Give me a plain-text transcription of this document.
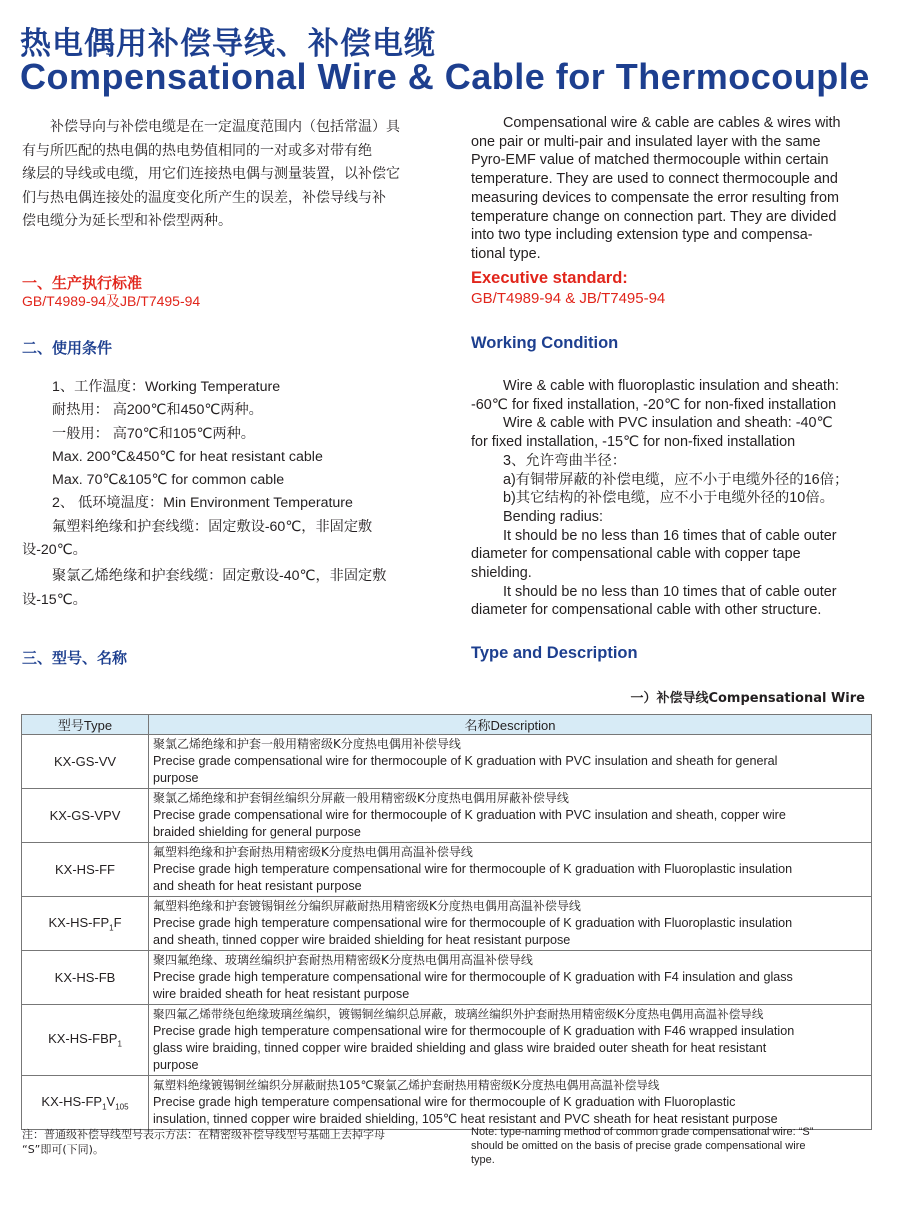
热电偶用补偿导线、补偿电缆
Compensational Wire & Cable for Thermocouple
补偿导向与补偿电缆是在一定温度范围内（包括常温）具
有与所匹配的热电偶的热电势值相同的一对或多对带有绝
缘层的导线或电缆，用它们连接热电偶与测量装置，以补偿它
们与热电偶连接处的温度变化所产生的误差，补偿导线与补
偿电缆分为延长型和补偿型两种。
Compensational wire & cable are cables & wires with
one pair or multi-pair and insulated layer with the same
Pyro-EMF value of matched thermocouple within certain
temperature. They are used to connect thermocouple and
measuring devices to compensate the error resulting from
temperature change on connection part. They are divided
into two type including extension type and compensa-
tional type.
一、生产执行标准
GB/T4989-94及JB/T7495-94
Executive standard:
GB/T4989-94 & JB/T7495-94
二、使用条件	Working Condition
1、工作温度：Working Temperature
耐热用： 高200℃和450℃两种。
一般用： 高70℃和105℃两种。
Max. 200℃&450℃ for heat resistant cable
Max. 70℃&105℃ for common cable
2、 低环境温度：Min Environment Temperature
氟塑料绝缘和护套线缆：固定敷设-60℃，非固定敷
设-20℃。
聚氯乙烯绝缘和护套线缆：固定敷设-40℃，非固定敷
设-15℃。
Wire & cable with fluoroplastic insulation and sheath:
-60℃ for fixed installation, -20℃ for non-fixed installation
Wire & cable with PVC insulation and sheath: -40℃
for fixed installation, -15℃ for non-fixed installation
3、允许弯曲半径：
a)有铜带屏蔽的补偿电缆，应不小于电缆外径的16倍；
b)其它结构的补偿电缆，应不小于电缆外径的10倍。
Bending radius:
It should be no less than 16 times that of cable outer
diameter for compensational cable with copper tape
shielding.
It should be no less than 10 times that of cable outer
diameter for compensational cable with other structure.
三、型号、名称	Type and Description
一）补偿导线Compensational Wire
型号Type	名称Description
KX-GS-VV	聚氯乙烯绝缘和护套一般用精密级K分度热电偶用补偿导线
Precise grade compensational wire for thermocouple of K graduation with PVC insulation and sheath for general
purpose

KX-GS-VPV	聚氯乙烯绝缘和护套铜丝编织分屏蔽一般用精密级K分度热电偶用屏蔽补偿导线
Precise grade compensational wire for thermocouple of K graduation with PVC insulation and sheath, copper wire
braided shielding for general purpose

KX-HS-FF	氟塑料绝缘和护套耐热用精密级K分度热电偶用高温补偿导线
Precise grade high temperature compensational wire for thermocouple of K graduation with Fluoroplastic insulation
and sheath for heat resistant purpose

$KX-HS-FP_1F$	氟塑料绝缘和护套镀锡铜丝分编织屏蔽耐热用精密级K分度热电偶用高温补偿导线
Precise grade high temperature compensational wire for thermocouple of K graduation with Fluoroplastic insulation
and sheath, tinned copper wire braided shielding for heat resistant purpose

KX-HS-FB	聚四氟绝缘、玻璃丝编织护套耐热用精密级K分度热电偶用高温补偿导线
Precise grade high temperature compensational wire for thermocouple of K graduation with F4 insulation and glass
wire braided sheath for heat resistant purpose

$KX-HS-FBP_1$	聚四氟乙烯带绕包绝缘玻璃丝编织，镀锡铜丝编织总屏蔽，玻璃丝编织外护套耐热用精密级K分度热电偶用高温补偿导线
Precise grade high temperature compensational wire for thermocouple of K graduation with F46 wrapped insulation
glass wire braiding, tinned copper wire braided shielding and glass wire braided outer sheath for heat resistant
purpose

$KX-HS-FP_1V_{105}$	氟塑料绝缘镀锡铜丝编织分屏蔽耐热105℃聚氯乙烯护套耐热用精密级K分度热电偶用高温补偿导线
Precise grade high temperature compensational wire for thermocouple of K graduation with Fluoroplastic
insulation, tinned copper wire braided shielding, 105℃ heat resistant and PVC sheath for heat resistant purpose
注：普通级补偿导线型号表示方法：在精密级补偿导线型号基础上去掉字母
“S”即可(下同)。
Note: type-naming method of common grade compensational wire: “S”
should be omitted on the basis of precise grade compensational wire
type.
